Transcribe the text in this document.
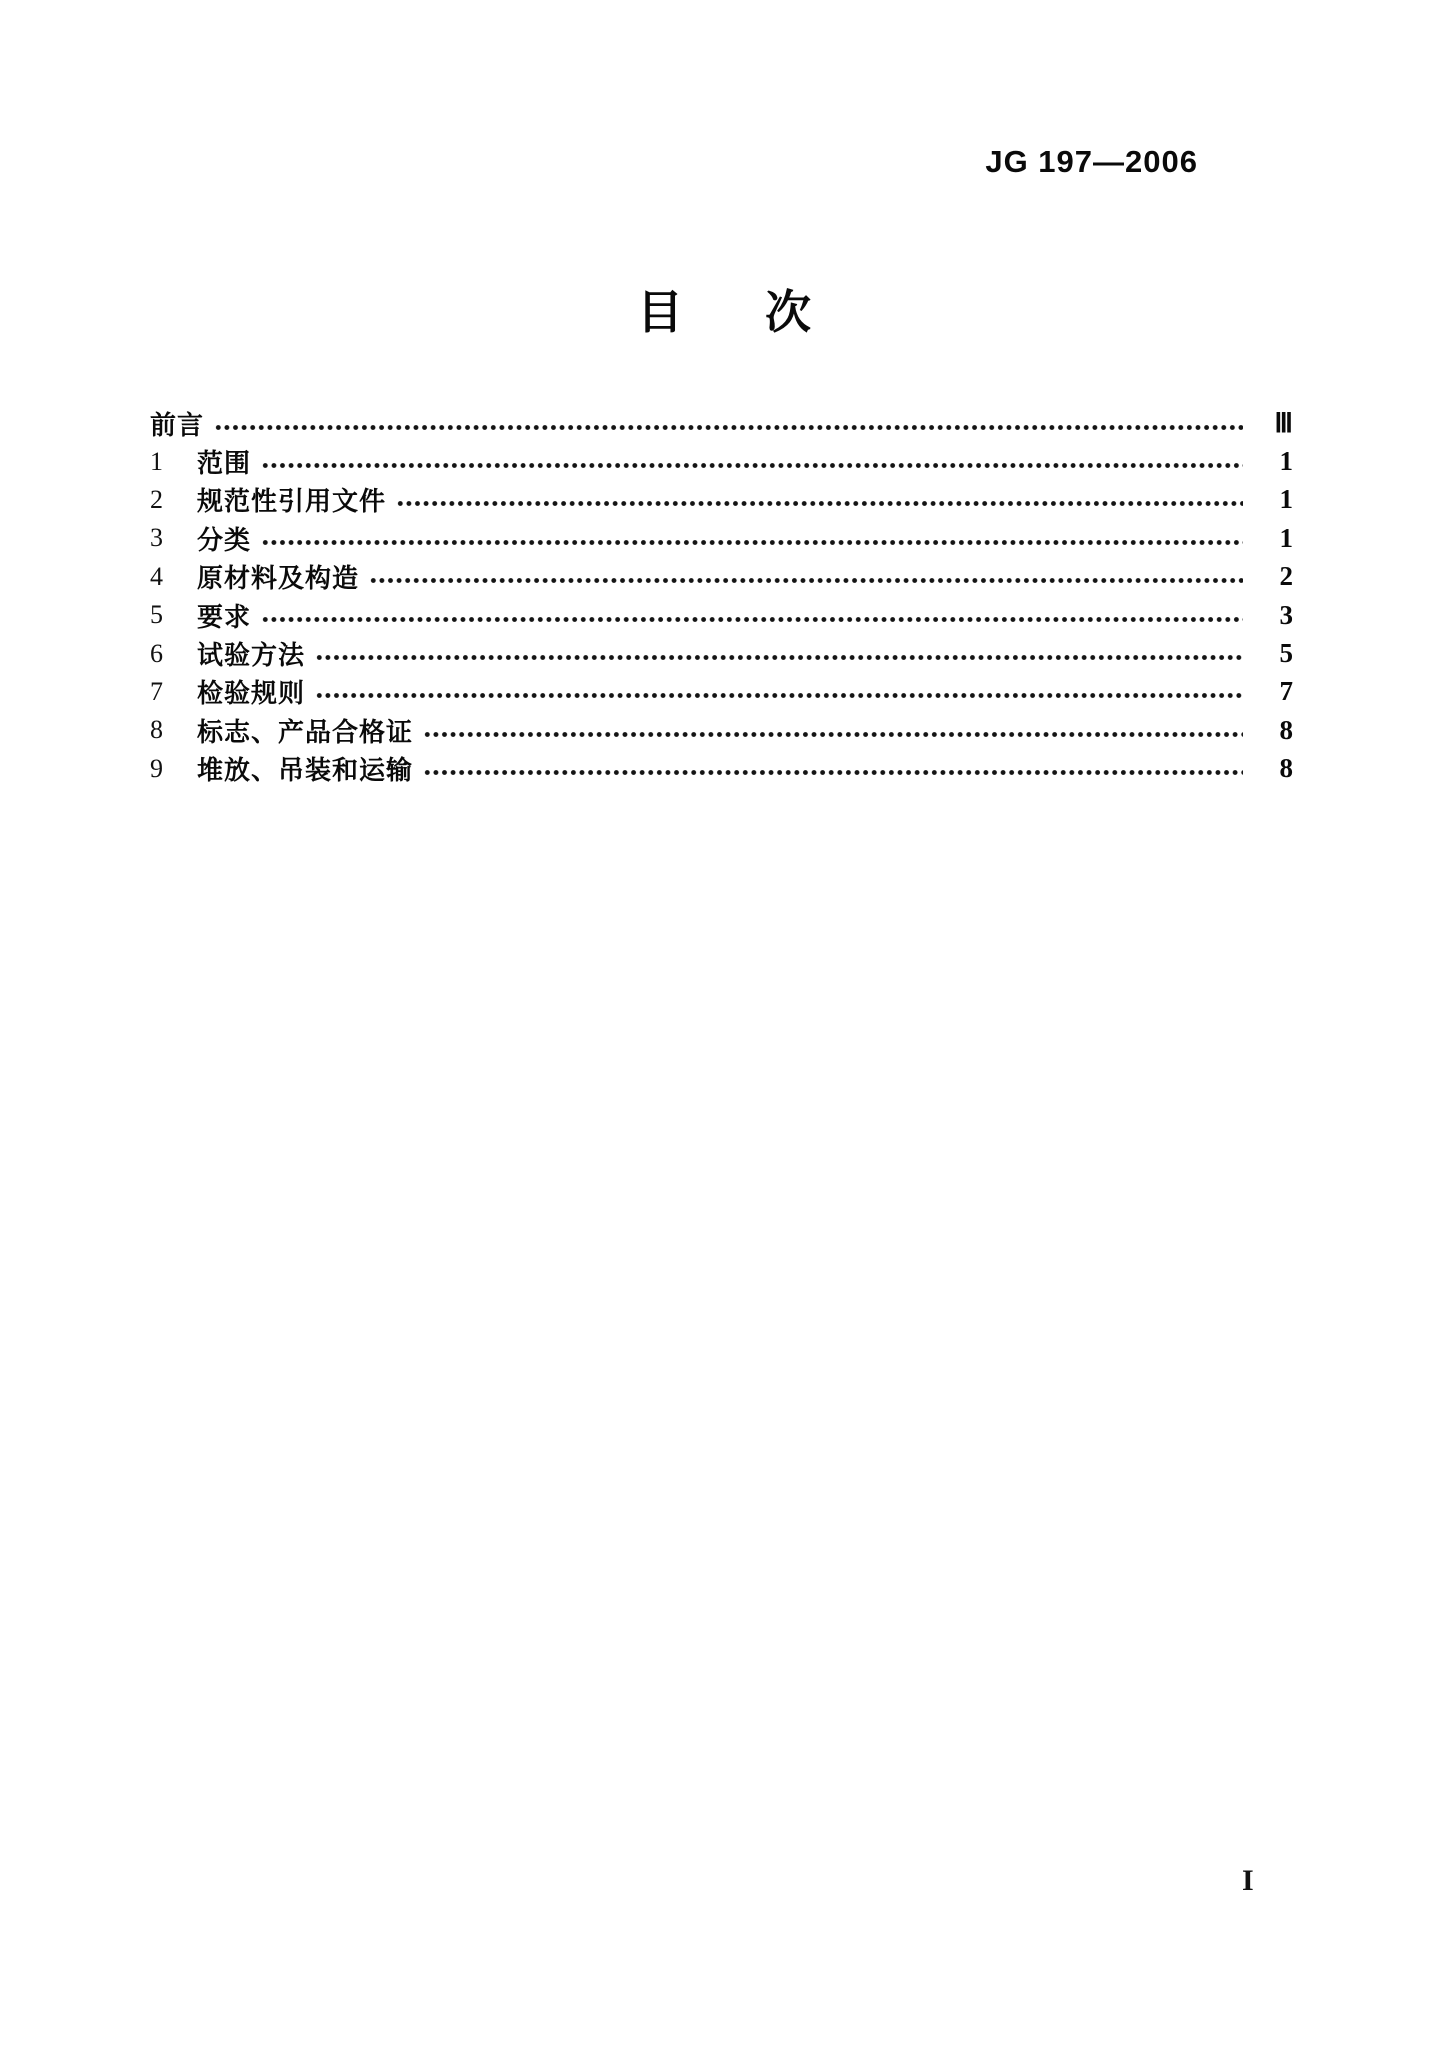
JG 197—2006
目　次
前言	Ⅲ
1	范围	1
2	规范性引用文件	1
3	分类	1
4	原材料及构造	2
5	要求	3
6	试验方法	5
7	检验规则	7
8	标志、产品合格证	8
9	堆放、吊装和运输	8
I
